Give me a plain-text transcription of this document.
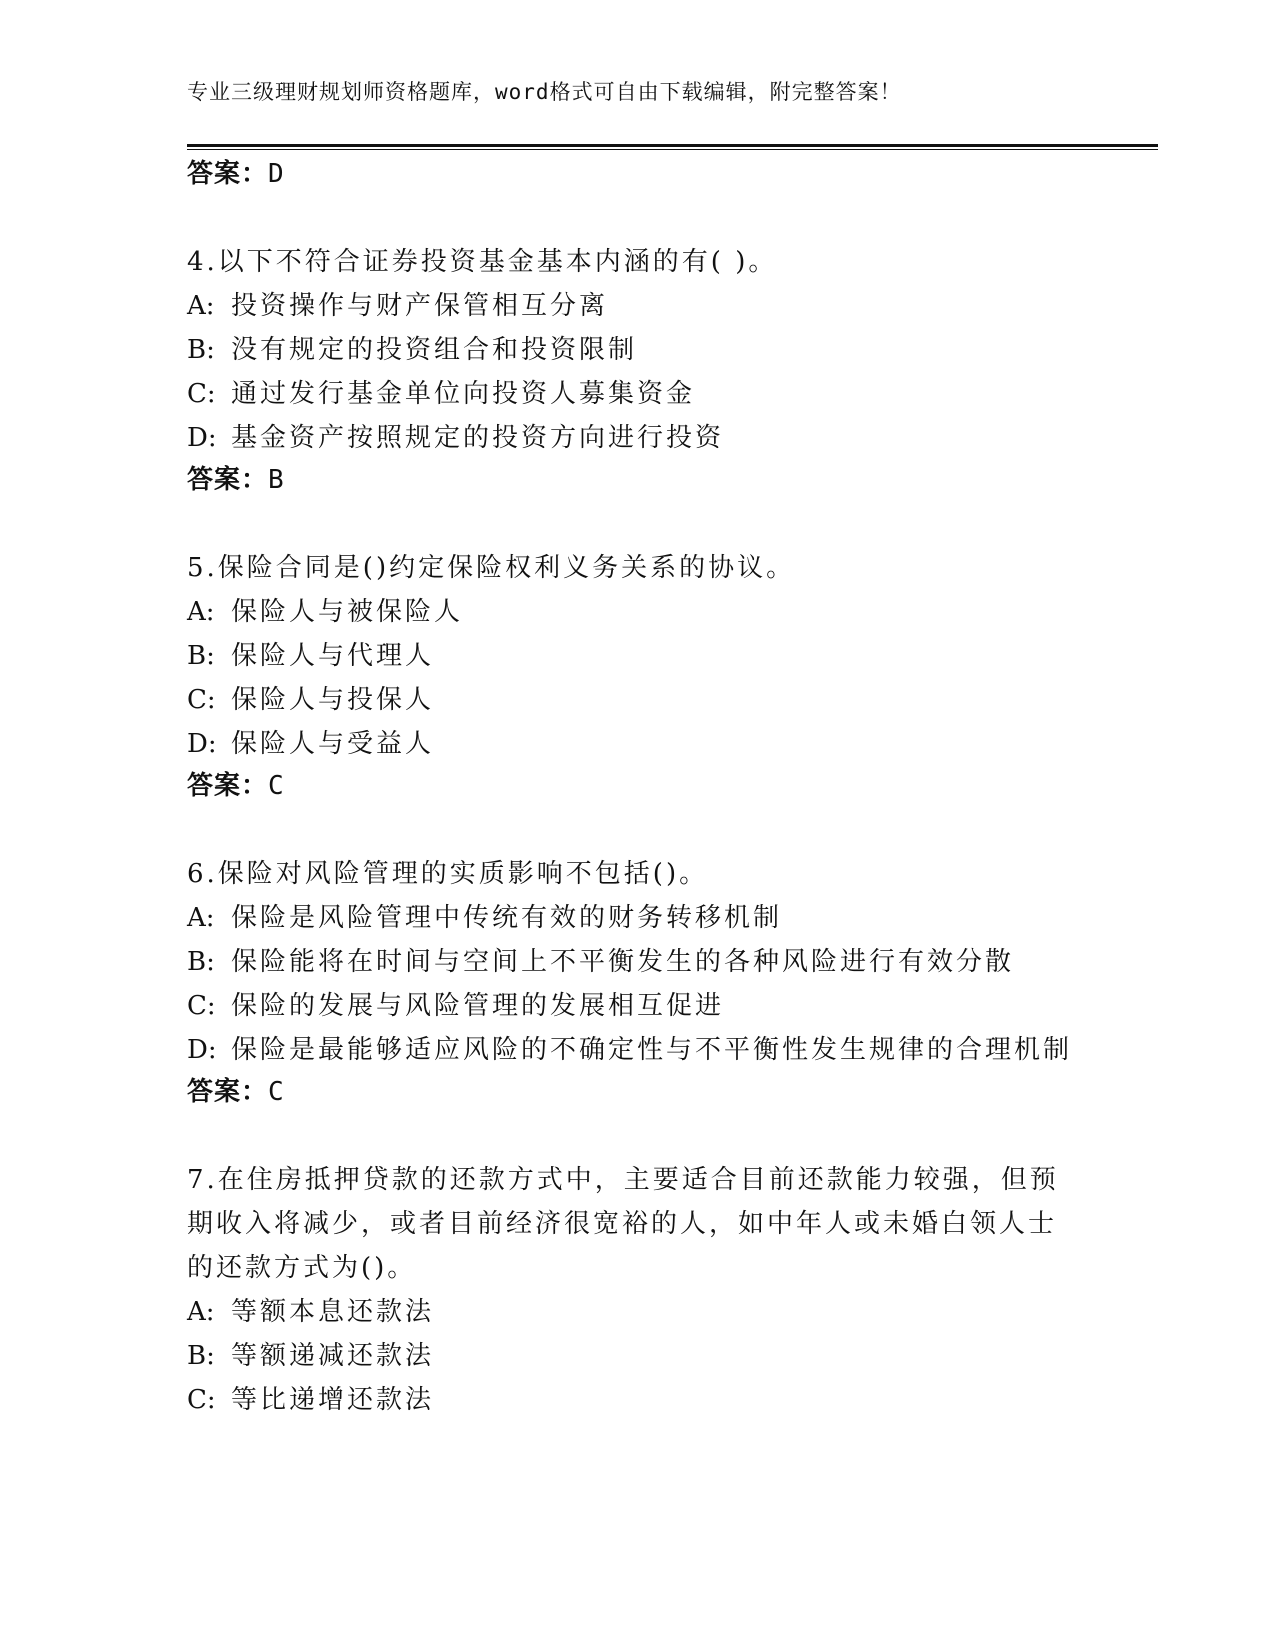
专业三级理财规划师资格题库，word格式可自由下载编辑，附完整答案！
答案：D
4.以下不符合证券投资基金基本内涵的有( )。
A: 投资操作与财产保管相互分离
B: 没有规定的投资组合和投资限制
C: 通过发行基金单位向投资人募集资金
D: 基金资产按照规定的投资方向进行投资
答案：B
5.保险合同是()约定保险权利义务关系的协议。
A: 保险人与被保险人
B: 保险人与代理人
C: 保险人与投保人
D: 保险人与受益人
答案：C
6.保险对风险管理的实质影响不包括()。
A: 保险是风险管理中传统有效的财务转移机制
B: 保险能将在时间与空间上不平衡发生的各种风险进行有效分散
C: 保险的发展与风险管理的发展相互促进
D: 保险是最能够适应风险的不确定性与不平衡性发生规律的合理机制
答案：C
7.在住房抵押贷款的还款方式中，主要适合目前还款能力较强，但预
期收入将减少，或者目前经济很宽裕的人，如中年人或未婚白领人士
的还款方式为()。
A: 等额本息还款法
B: 等额递减还款法
C: 等比递增还款法
